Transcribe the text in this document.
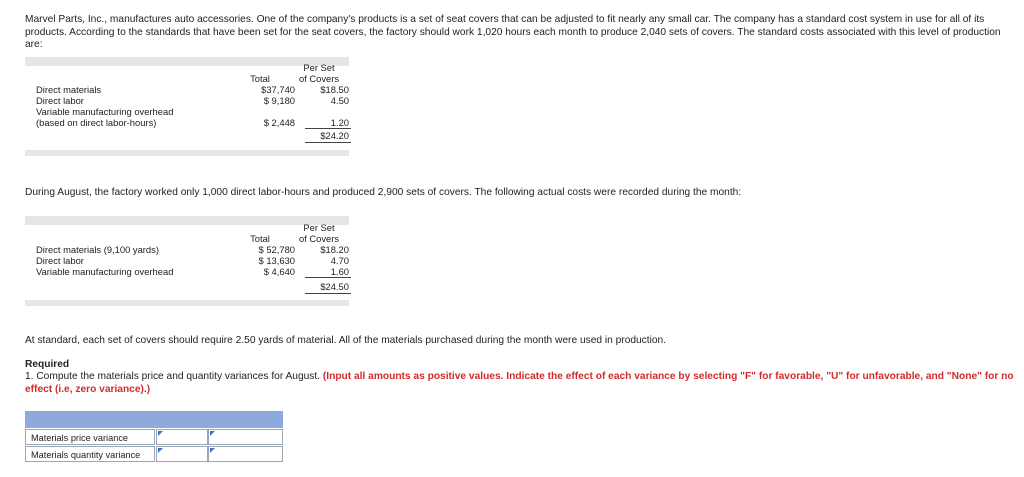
Marvel Parts, Inc., manufactures auto accessories. One of the company's products is a set of seat covers that can be adjusted to fit nearly any small car. The company has a standard cost system in use for all of its products. According to the standards that have been set for the seat covers, the factory should work 1,020 hours each month to produce 2,040 sets of covers. The standard costs associated with this level of production are:

Per Set
Total	of Covers
Direct materials	$37,740	$18.50
Direct labor	$ 9,180	4.50
Variable manufacturing overhead
(based on direct labor-hours)	$ 2,448	1.20
$24.20

During August, the factory worked only 1,000 direct labor-hours and produced 2,900 sets of covers. The following actual costs were recorded during the month:

Per Set
Total	of Covers
Direct materials (9,100 yards)	$ 52,780	$18.20
Direct labor	$ 13,630	4.70
Variable manufacturing overhead	$ 4,640	1.60
$24.50

At standard, each set of covers should require 2.50 yards of material. All of the materials purchased during the month were used in production.

Required

1. Compute the materials price and quantity variances for August. (Input all amounts as positive values. Indicate the effect of each variance by selecting "F" for favorable, "U" for unfavorable, and "None" for no effect (i.e, zero variance).)

Materials price variance
Materials quantity variance
